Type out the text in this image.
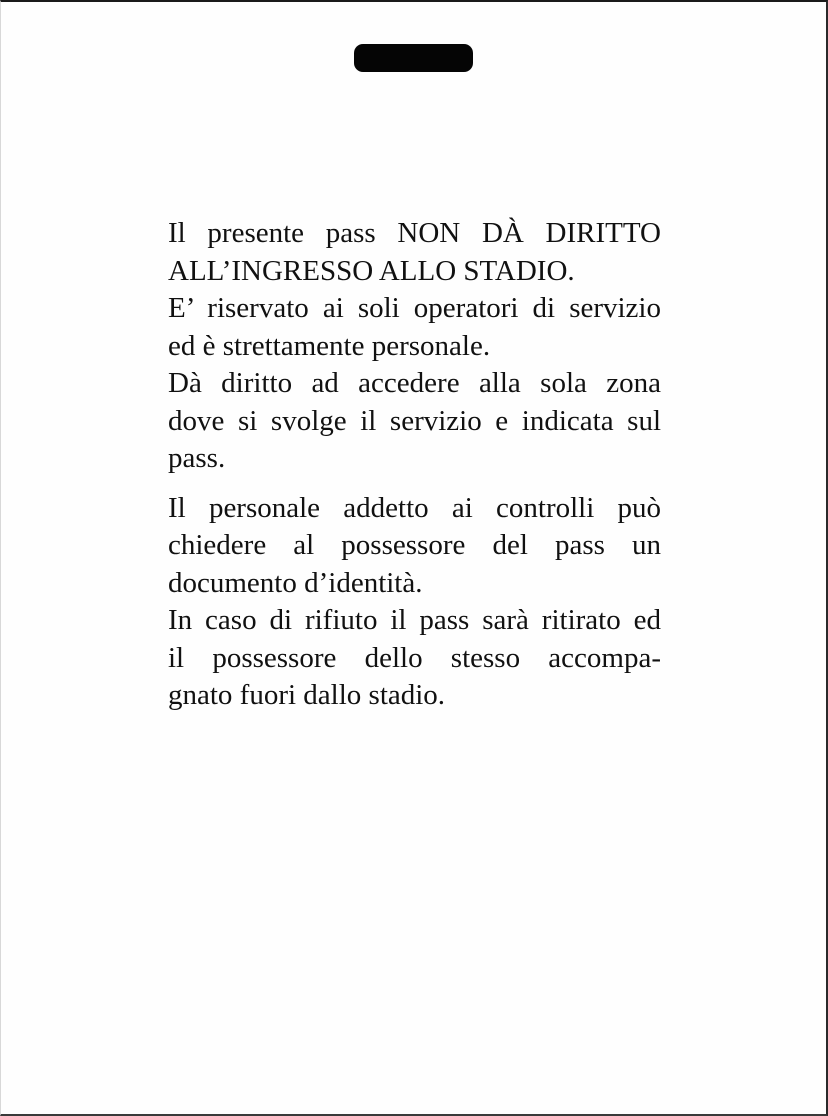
Il presente pass NON DÀ DIRITTO
ALL’INGRESSO ALLO STADIO.
E’ riservato ai soli operatori di servizio
ed è strettamente personale.
Dà diritto ad accedere alla sola zona
dove si svolge il servizio e indicata sul
pass.
Il personale addetto ai controlli può
chiedere al possessore del pass un
documento d’identità.
In caso di rifiuto il pass sarà ritirato ed
il possessore dello stesso accompa-
gnato fuori dallo stadio.
